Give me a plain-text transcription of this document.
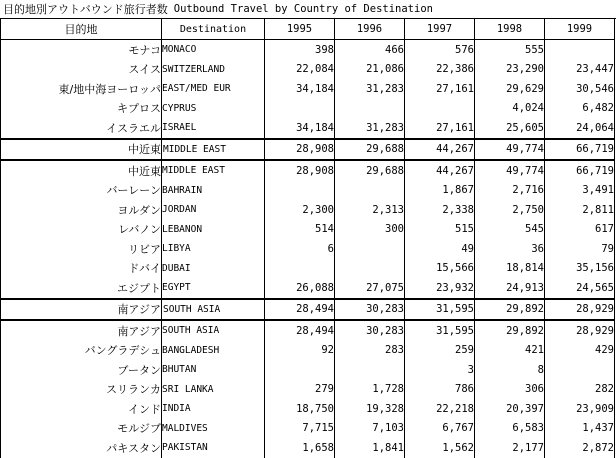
目的地別アウトバウンド旅行者数 Outbound Travel by Country of Destination
目的地	Destination	1995	1996	1997	1998	1999
モナコ	MONACO	398	466	576	555	
スイス	SWITZERLAND	22,084	21,086	22,386	23,290	23,447
東/地中海ヨーロッパ	EAST/MED EUR	34,184	31,283	27,161	29,629	30,546
キプロス	CYPRUS				4,024	6,482
イスラエル	ISRAEL	34,184	31,283	27,161	25,605	24,064
中近東	MIDDLE EAST	28,908	29,688	44,267	49,774	66,719
中近東	MIDDLE EAST	28,908	29,688	44,267	49,774	66,719
バーレーン	BAHRAIN			1,867	2,716	3,491
ヨルダン	JORDAN	2,300	2,313	2,338	2,750	2,811
レバノン	LEBANON	514	300	515	545	617
リビア	LIBYA	6		49	36	79
ドバイ	DUBAI			15,566	18,814	35,156
エジプト	EGYPT	26,088	27,075	23,932	24,913	24,565
南アジア	SOUTH ASIA	28,494	30,283	31,595	29,892	28,929
南アジア	SOUTH ASIA	28,494	30,283	31,595	29,892	28,929
バングラデシュ	BANGLADESH	92	283	259	421	429
ブータン	BHUTAN			3	8	
スリランカ	SRI LANKA	279	1,728	786	306	282
インド	INDIA	18,750	19,328	22,218	20,397	23,909
モルジブ	MALDIVES	7,715	7,103	6,767	6,583	1,437
パキスタン	PAKISTAN	1,658	1,841	1,562	2,177	2,872
